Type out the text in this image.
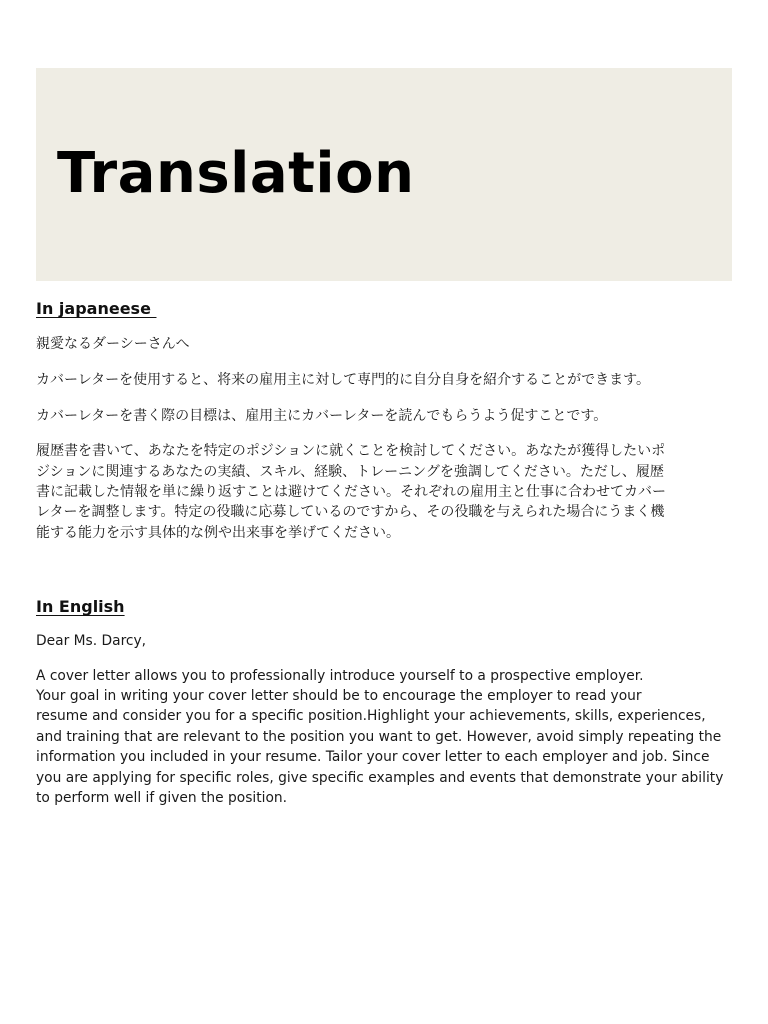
Translation
In japaneese

親愛なるダーシーさんへ

カバーレターを使用すると、将来の雇用主に対して専門的に自分自身を紹介することができます。

カバーレターを書く際の目標は、雇用主にカバーレターを読んでもらうよう促すことです。

履歴書を書いて、あなたを特定のポジションに就くことを検討してください。あなたが獲得したいポ
ジションに関連するあなたの実績、スキル、経験、トレーニングを強調してください。ただし、履歴
書に記載した情報を単に繰り返すことは避けてください。それぞれの雇用主と仕事に合わせてカバー
レターを調整します。特定の役職に応募しているのですから、その役職を与えられた場合にうまく機
能する能力を示す具体的な例や出来事を挙げてください。

In English

Dear Ms. Darcy,

A cover letter allows you to professionally introduce yourself to a prospective employer.
Your goal in writing your cover letter should be to encourage the employer to read your
resume and consider you for a specific position.Highlight your achievements, skills, experiences,
and training that are relevant to the position you want to get. However, avoid simply repeating the
information you included in your resume. Tailor your cover letter to each employer and job. Since
you are applying for specific roles, give specific examples and events that demonstrate your ability
to perform well if given the position.
